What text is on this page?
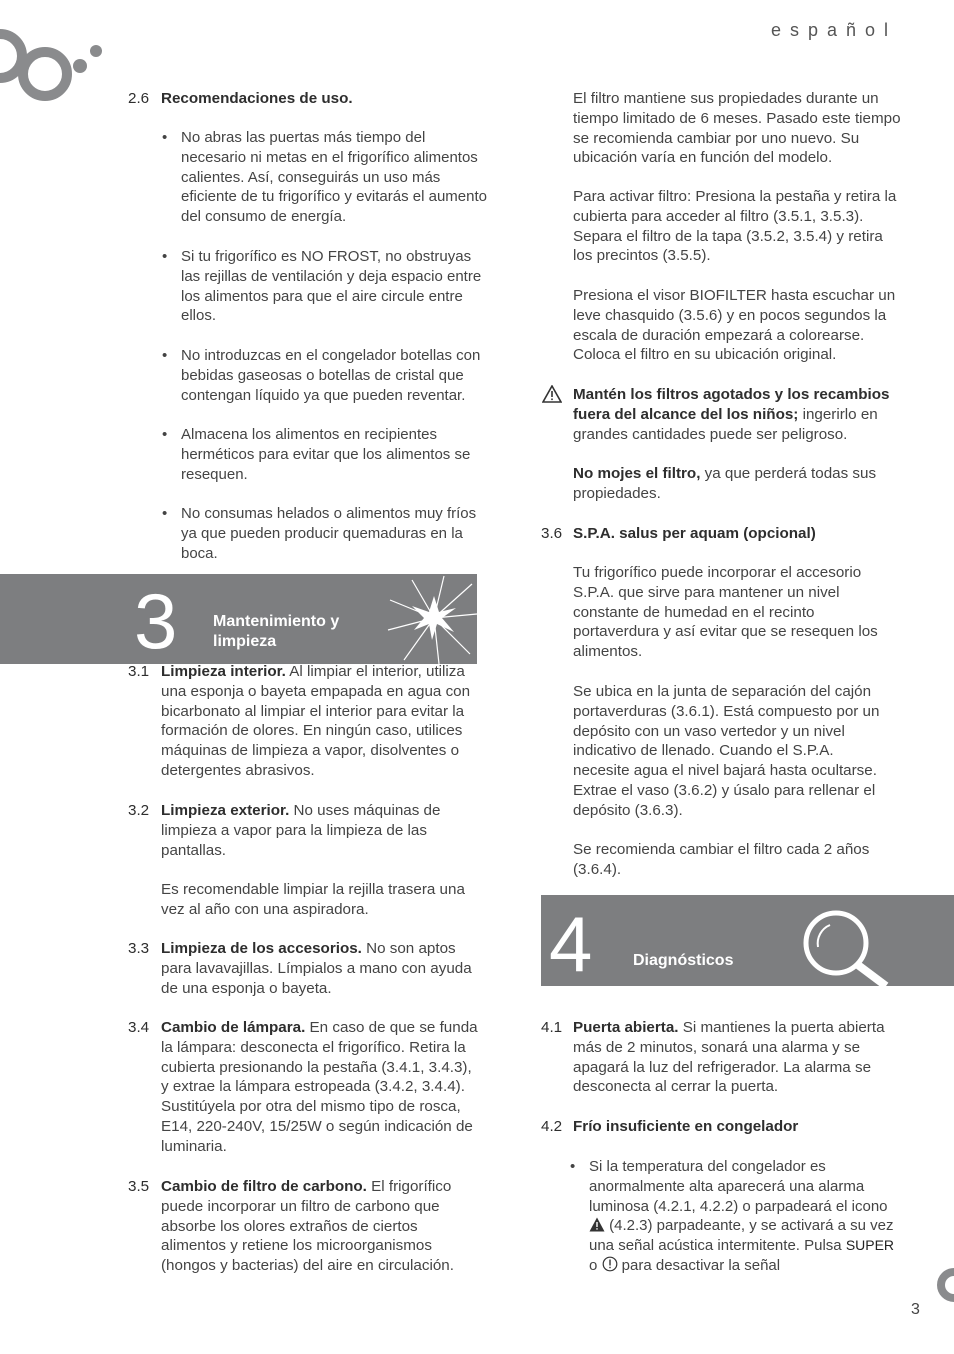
e s p a ñ o l
2.6 Recomendaciones de uso.
• No abras las puertas más tiempo del necesario ni metas en el frigorífico alimentos calientes. Así, conseguirás un uso más eficiente de tu frigorífico y evitarás el aumento del consumo de energía.
• Si tu frigorífico es NO FROST, no obstruyas las rejillas de ventilación y deja espacio entre los alimentos para que el aire circule entre ellos.
• No introduzcas en el congelador botellas con bebidas gaseosas o botellas de cristal que contengan líquido ya que pueden reventar.
• Almacena los alimentos en recipientes herméticos para evitar que los alimentos se resequen.
• No consumas helados o alimentos muy fríos ya que pueden producir quemaduras en la boca.
3 Mantenimiento y limpieza
3.1 Limpieza interior. Al limpiar el interior, utiliza una esponja o bayeta empapada en agua con bicarbonato al limpiar el interior para evitar la formación de olores. En ningún caso, utilices máquinas de limpieza a vapor, disolventes o detergentes abrasivos.
3.2 Limpieza exterior. No uses máquinas de limpieza a vapor para la limpieza de las pantallas.
Es recomendable limpiar la rejilla trasera una vez al año con una aspiradora.
3.3 Limpieza de los accesorios. No son aptos para lavavajillas. Límpialos a mano con ayuda de una esponja o bayeta.
3.4 Cambio de lámpara. En caso de que se funda la lámpara: desconecta el frigorífico. Retira la cubierta presionando la pestaña (3.4.1, 3.4.3), y extrae la lámpara estropeada (3.4.2, 3.4.4). Sustitúyela por otra del mismo tipo de rosca, E14, 220-240V, 15/25W o según indicación de luminaria.
3.5 Cambio de filtro de carbono. El frigorífico puede incorporar un filtro de carbono que absorbe los olores extraños de ciertos alimentos y retiene los microorganismos (hongos y bacterias) del aire en circulación.
El filtro mantiene sus propiedades durante un tiempo limitado de 6 meses. Pasado este tiempo se recomienda cambiar por uno nuevo. Su ubicación varía en función del modelo.
Para activar filtro: Presiona la pestaña y retira la cubierta para acceder al filtro (3.5.1, 3.5.3). Separa el filtro de la tapa (3.5.2, 3.5.4) y retira los precintos (3.5.5).
Presiona el visor BIOFILTER hasta escuchar un leve chasquido (3.5.6) y en pocos segundos la escala de duración empezará a colorearse. Coloca el filtro en su ubicación original.
Mantén los filtros agotados y los recambios fuera del alcance del los niños; ingerirlo en grandes cantidades puede ser peligroso.
No mojes el filtro, ya que perderá todas sus propiedades.
3.6 S.P.A. salus per aquam (opcional)
Tu frigorífico puede incorporar el accesorio S.P.A. que sirve para mantener un nivel constante de humedad en el recinto portaverdura y así evitar que se resequen los alimentos.
Se ubica en la junta de separación del cajón portaverduras (3.6.1). Está compuesto por un depósito con un vaso vertedor y un nivel indicativo de llenado. Cuando el S.P.A. necesite agua el nivel bajará hasta ocultarse. Extrae el vaso (3.6.2) y úsalo para rellenar el depósito (3.6.3).
Se recomienda cambiar el filtro cada 2 años (3.6.4).
4	Diagnósticos
4.1 Puerta abierta. Si mantienes la puerta abierta más de 2 minutos, sonará una alarma y se apagará la luz del refrigerador. La alarma se desconecta al cerrar la puerta.
4.2 Frío insuficiente en congelador
• Si la temperatura del congelador es anormalmente alta aparecerá una alarma luminosa (4.2.1, 4.2.2) o parpadeará el icono  (4.2.3) parpadeante, y se activará a su vez una señal acústica intermitente. Pulsa SUPER o  para desactivar la señal
3
